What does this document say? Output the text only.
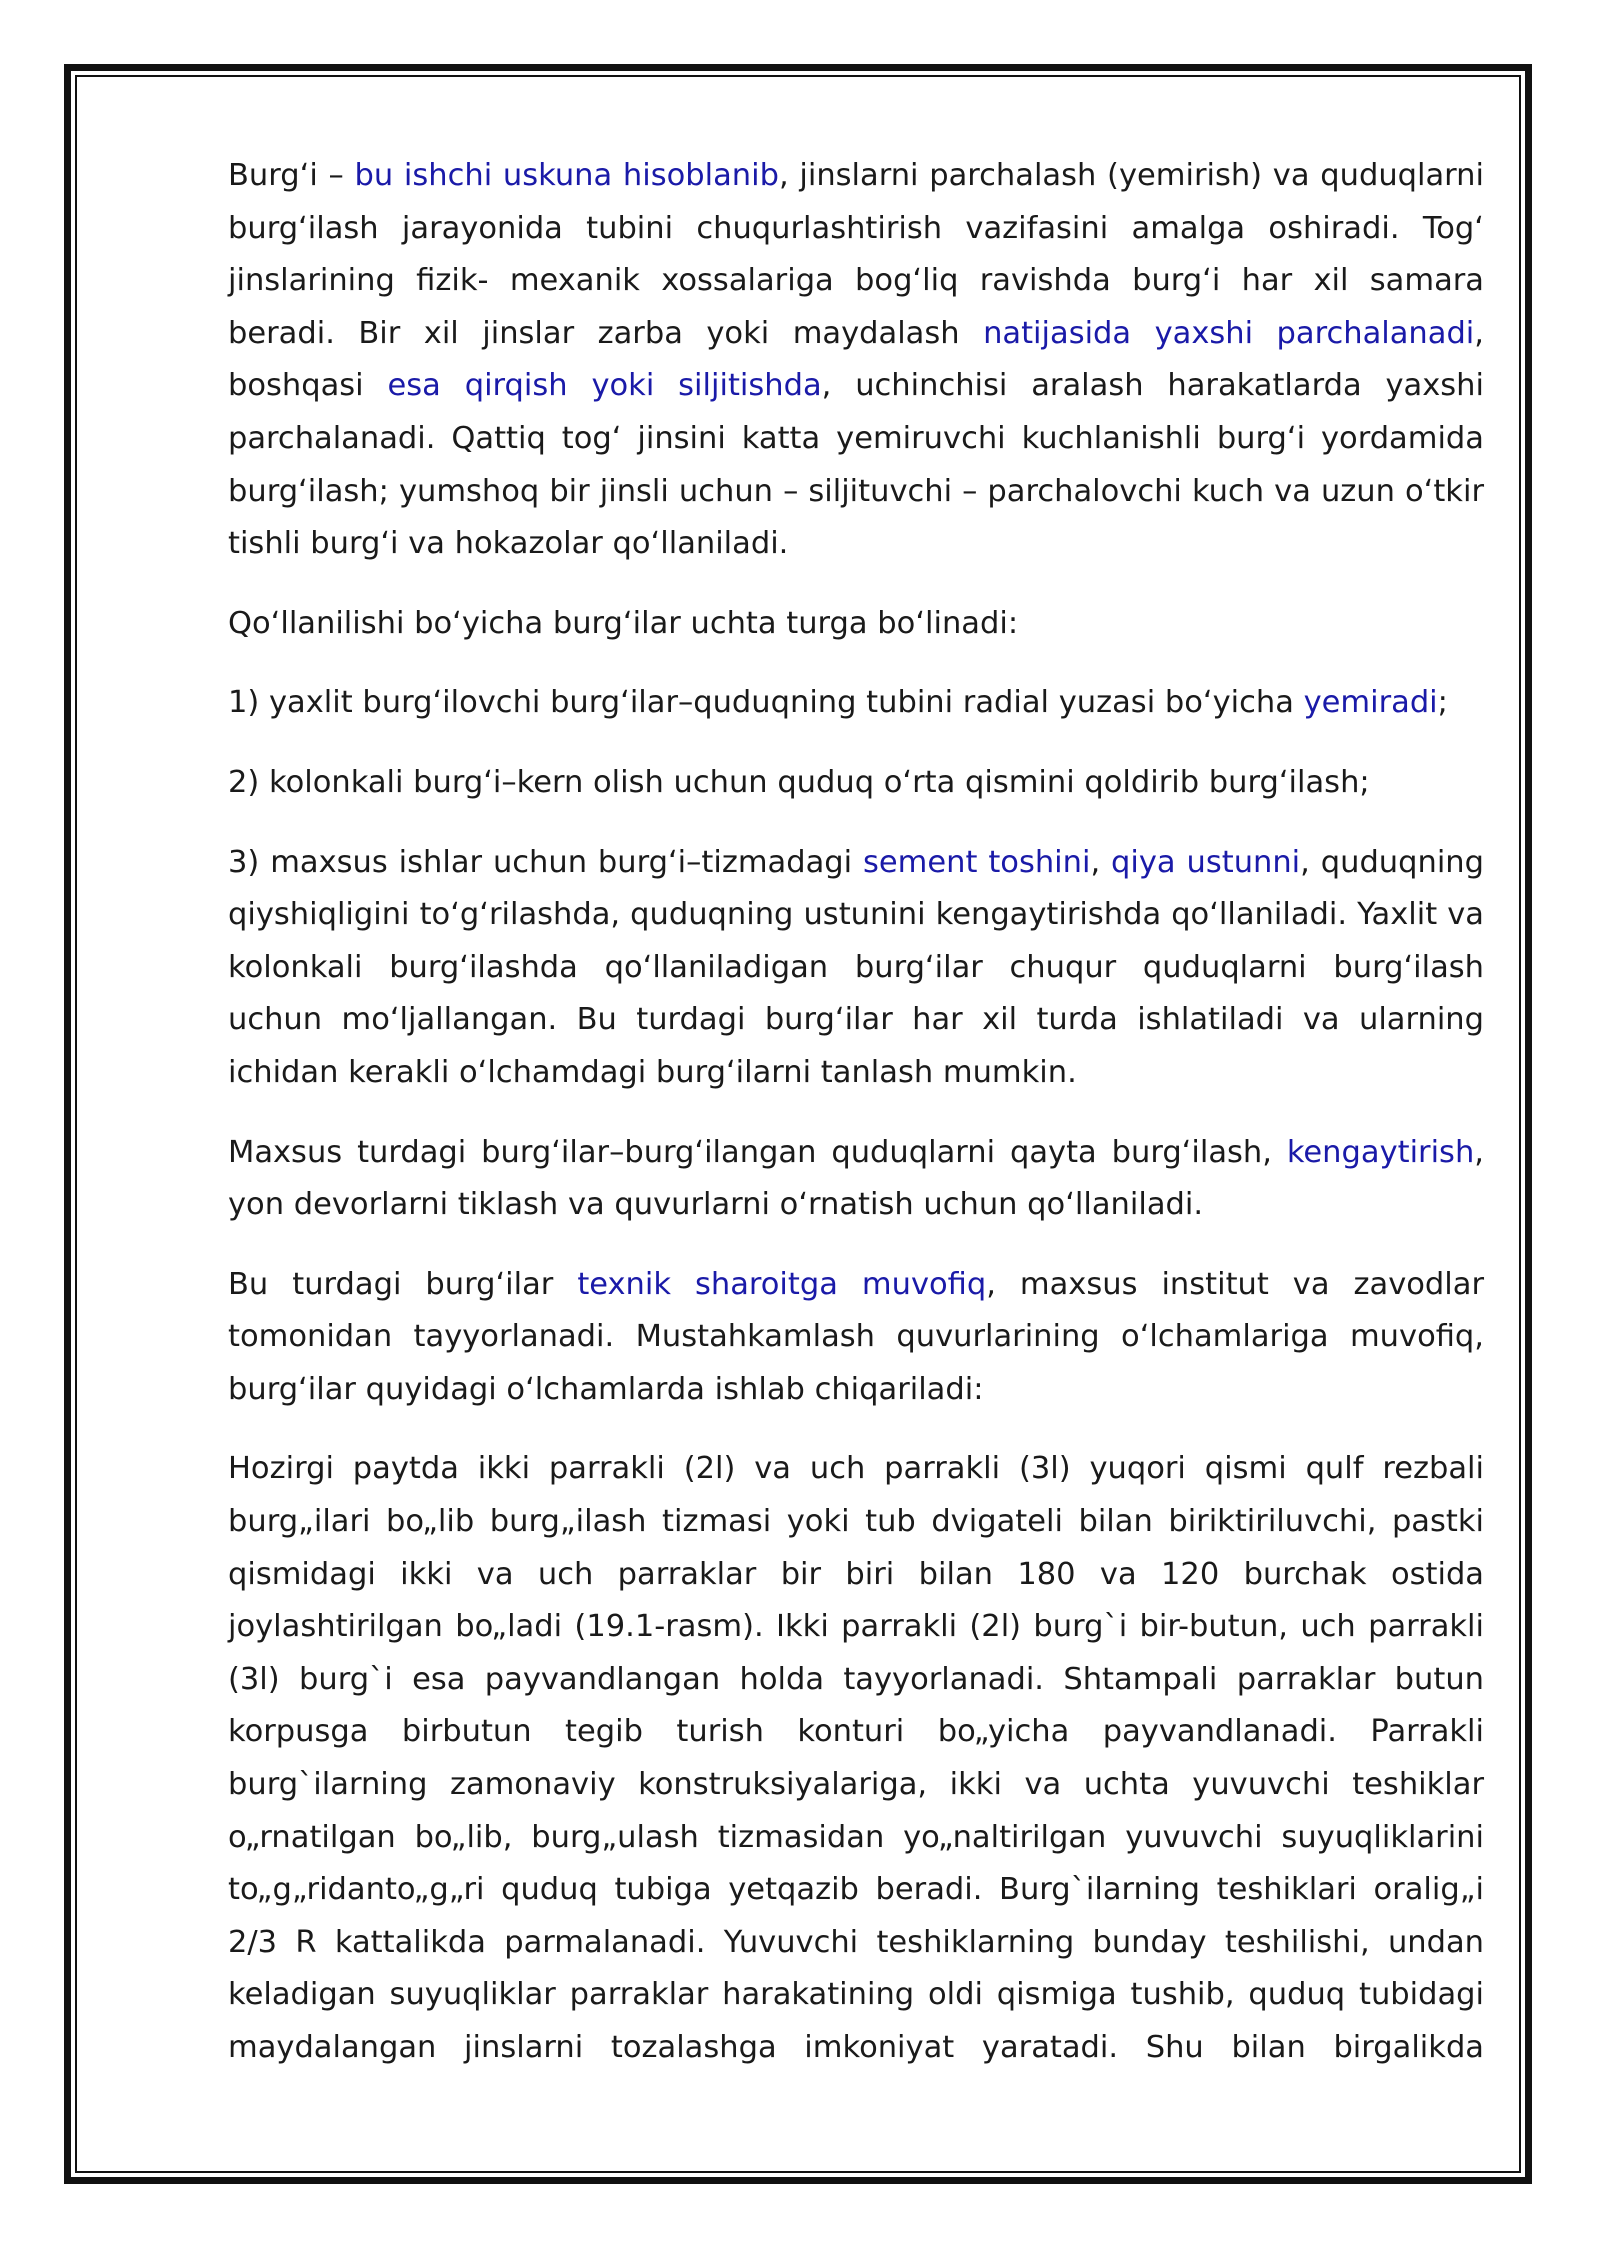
Burg‘i – bu ishchi uskuna hisoblanib, jinslarni parchalash (yemirish) va quduqlarni burg‘ilash jarayonida tubini chuqurlashtirish vazifasini amalga oshiradi. Tog‘ jinslarining fizik- mexanik xossalariga bog‘liq ravishda burg‘i har xil samara beradi. Bir xil jinslar zarba yoki maydalash natijasida yaxshi parchalanadi, boshqasi esa qirqish yoki siljitishda, uchinchisi aralash harakatlarda yaxshi parchalanadi. Qattiq tog‘ jinsini katta yemiruvchi kuchlanishli burg‘i yordamida burg‘ilash; yumshoq bir jinsli uchun – siljituvchi – parchalovchi kuch va uzun o‘tkir tishli burg‘i va hokazolar qo‘llaniladi.

Qo‘llanilishi bo‘yicha burg‘ilar uchta turga bo‘linadi:

1) yaxlit burg‘ilovchi burg‘ilar–quduqning tubini radial yuzasi bo‘yicha yemiradi;

2) kolonkali burg‘i–kern olish uchun quduq o‘rta qismini qoldirib burg‘ilash;

3) maxsus ishlar uchun burg‘i–tizmadagi sement toshini, qiya ustunni, quduqning qiyshiqligini to‘g‘rilashda, quduqning ustunini kengaytirishda qo‘llaniladi. Yaxlit va kolonkali burg‘ilashda qo‘llaniladigan burg‘ilar chuqur quduqlarni burg‘ilash uchun mo‘ljallangan. Bu turdagi burg‘ilar har xil turda ishlatiladi va ularning ichidan kerakli o‘lchamdagi burg‘ilarni tanlash mumkin.

Maxsus turdagi burg‘ilar–burg‘ilangan quduqlarni qayta burg‘ilash, kengaytirish, yon devorlarni tiklash va quvurlarni o‘rnatish uchun qo‘llaniladi.

Bu turdagi burg‘ilar texnik sharoitga muvofiq, maxsus institut va zavodlar tomonidan tayyorlanadi. Mustahkamlash quvurlarining o‘lchamlariga muvofiq, burg‘ilar quyidagi o‘lchamlarda ishlab chiqariladi:

Hozirgi paytda ikki parrakli (2l) va uch parrakli (3l) yuqori qismi qulf rezbali burg„ilari bo„lib burg„ilash tizmasi yoki tub dvigateli bilan biriktiriluvchi, pastki qismidagi ikki va uch parraklar bir biri bilan 180 va 120 burchak ostida joylashtirilgan bo„ladi (19.1-rasm). Ikki parrakli (2l) burg`i bir-butun, uch parrakli (3l) burg`i esa payvandlangan holda tayyorlanadi. Shtampali parraklar butun korpusga birbutun tegib turish konturi bo„yicha payvandlanadi. Parrakli burg`ilarning zamonaviy konstruksiyalariga, ikki va uchta yuvuvchi teshiklar o„rnatilgan bo„lib, burg„ulash tizmasidan yo„naltirilgan yuvuvchi suyuqliklarini to„g„ridanto„g„ri quduq tubiga yetqazib beradi. Burg`ilarning teshiklari oralig„i 2/3 R kattalikda parmalanadi. Yuvuvchi teshiklarning bunday teshilishi, undan keladigan suyuqliklar parraklar harakatining oldi qismiga tushib, quduq tubidagi maydalangan jinslarni tozalashga imkoniyat yaratadi. Shu bilan birgalikda
